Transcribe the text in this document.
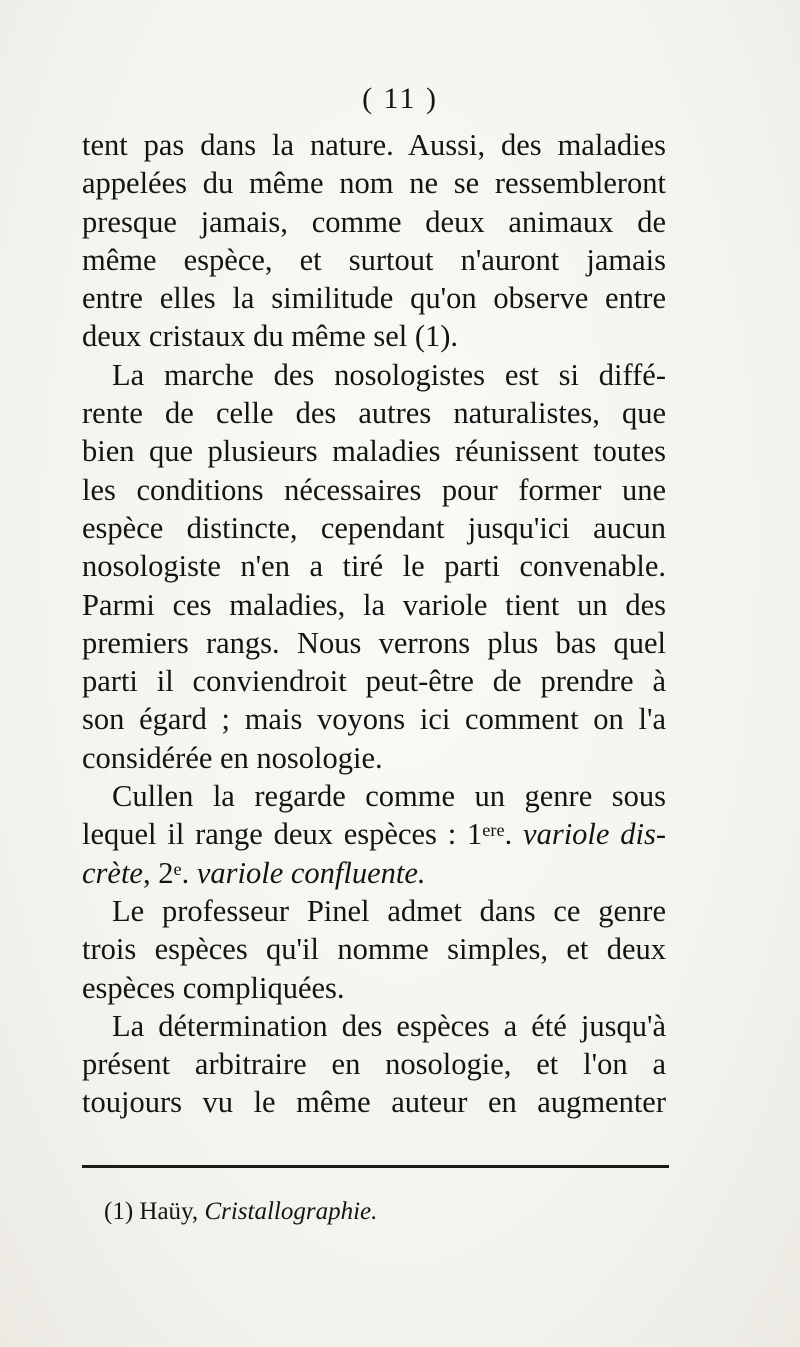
( 11 )
tent pas dans la nature. Aussi, des maladies
appelées du même nom ne se ressembleront
presque jamais, comme deux animaux de
même espèce, et surtout n'auront jamais
entre elles la similitude qu'on observe entre
deux cristaux du même sel (1).
La marche des nosologistes est si diffé-
rente de celle des autres naturalistes, que
bien que plusieurs maladies réunissent toutes
les conditions nécessaires pour former une
espèce distincte, cependant jusqu'ici aucun
nosologiste n'en a tiré le parti convenable.
Parmi ces maladies, la variole tient un des
premiers rangs. Nous verrons plus bas quel
parti il conviendroit peut-être de prendre à
son égard ; mais voyons ici comment on l'a
considérée en nosologie.
Cullen la regarde comme un genre sous
lequel il range deux espèces : 1ere. variole dis-
crète, 2e. variole confluente.
Le professeur Pinel admet dans ce genre
trois espèces qu'il nomme simples, et deux
espèces compliquées.
La détermination des espèces a été jusqu'à
présent arbitraire en nosologie, et l'on a
toujours vu le même auteur en augmenter
(1) Haüy, Cristallographie.
